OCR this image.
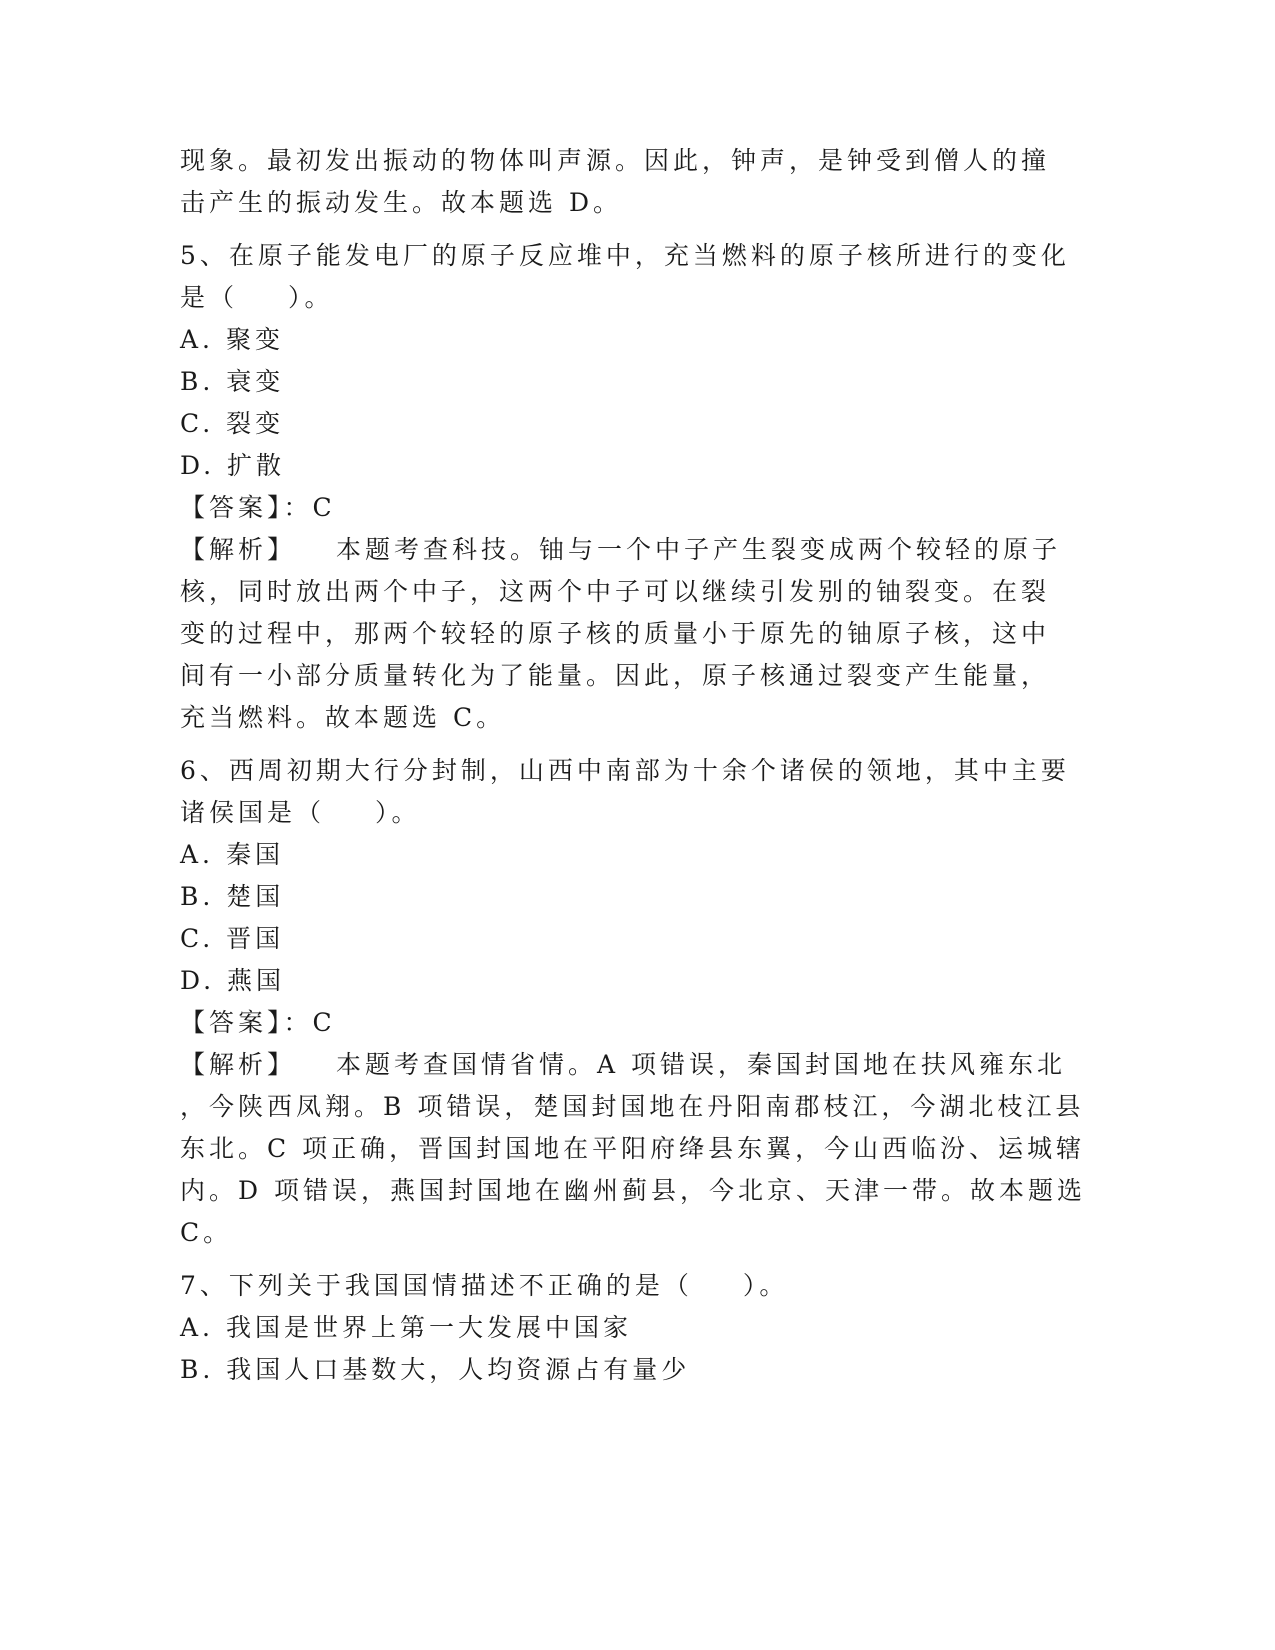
现象。最初发出振动的物体叫声源。因此，钟声，是钟受到僧人的撞
击产生的振动发生。故本题选 D。
5、在原子能发电厂的原子反应堆中，充当燃料的原子核所进行的变化
是（ ）。
A. 聚变
B. 衰变
C. 裂变
D. 扩散
【答案】：C
【解析】 本题考查科技。铀与一个中子产生裂变成两个较轻的原子
核，同时放出两个中子，这两个中子可以继续引发别的铀裂变。在裂
变的过程中，那两个较轻的原子核的质量小于原先的铀原子核，这中
间有一小部分质量转化为了能量。因此，原子核通过裂变产生能量，
充当燃料。故本题选 C。
6、西周初期大行分封制，山西中南部为十余个诸侯的领地，其中主要
诸侯国是（ ）。
A. 秦国
B. 楚国
C. 晋国
D. 燕国
【答案】：C
【解析】 本题考查国情省情。A 项错误，秦国封国地在扶风雍东北
，今陕西凤翔。B 项错误，楚国封国地在丹阳南郡枝江，今湖北枝江县
东北。C 项正确，晋国封国地在平阳府绛县东翼，今山西临汾、运城辖
内。D 项错误，燕国封国地在幽州蓟县，今北京、天津一带。故本题选
C。
7、下列关于我国国情描述不正确的是（ ）。
A. 我国是世界上第一大发展中国家
B. 我国人口基数大，人均资源占有量少
